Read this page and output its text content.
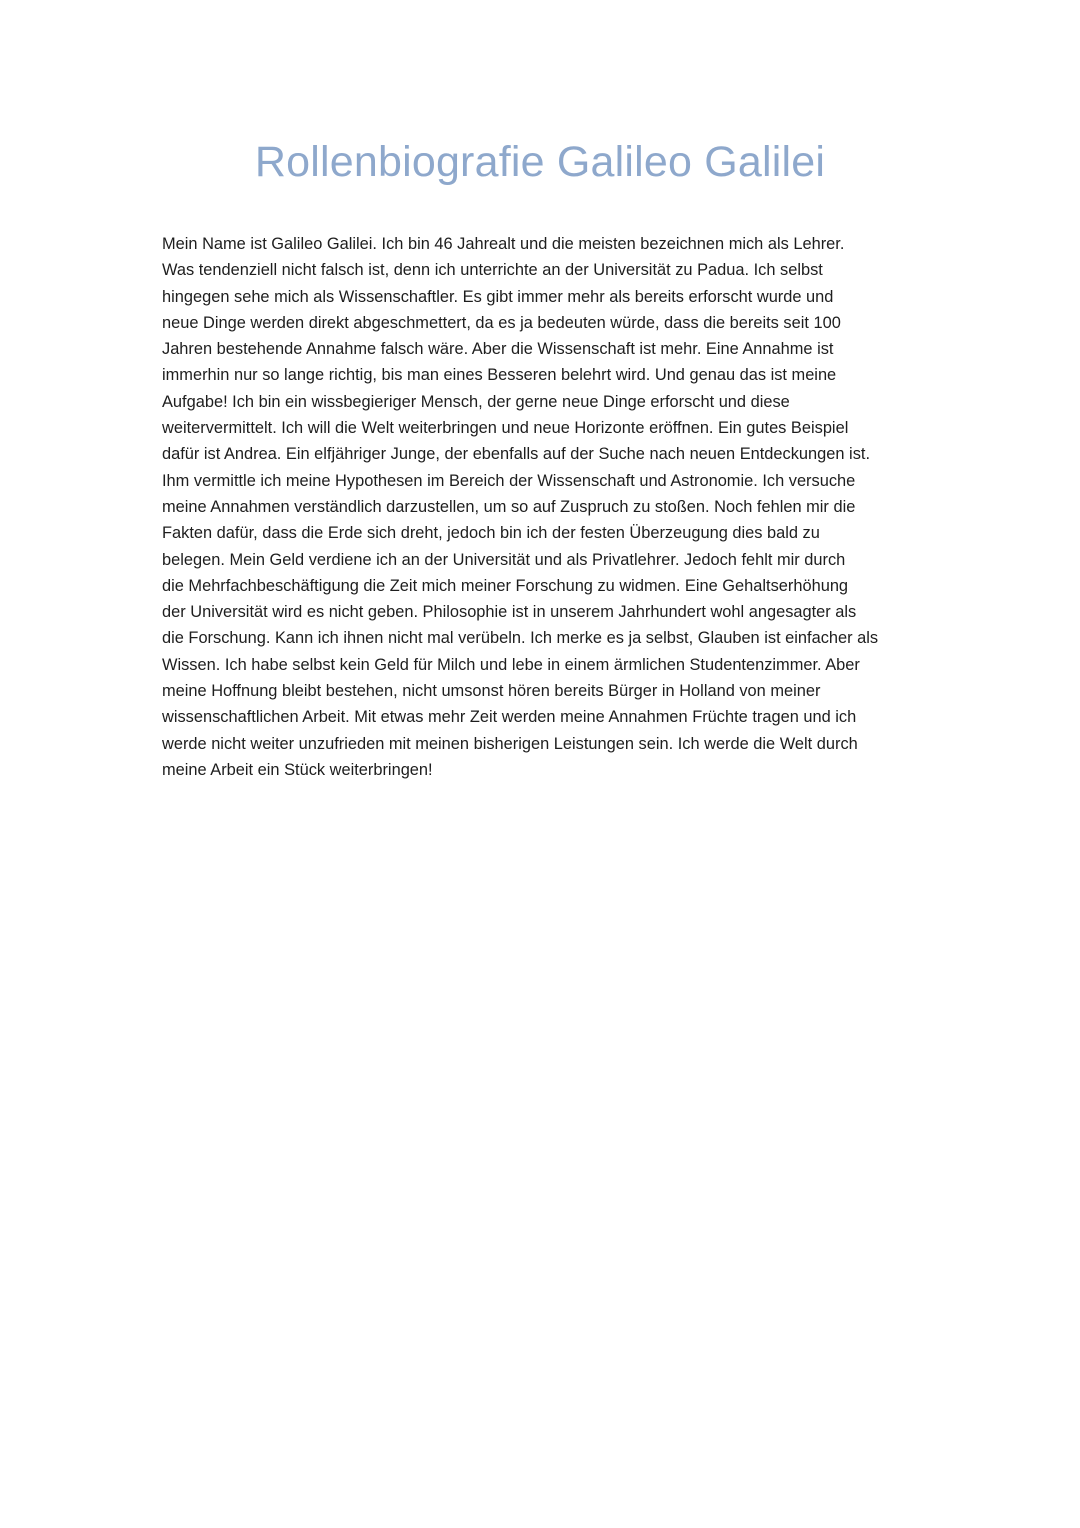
Rollenbiografie Galileo Galilei
Mein Name ist Galileo Galilei. Ich bin 46 Jahrealt und die meisten bezeichnen mich als Lehrer.
Was tendenziell nicht falsch ist, denn ich unterrichte an der Universität zu Padua. Ich selbst
hingegen sehe mich als Wissenschaftler. Es gibt immer mehr als bereits erforscht wurde und
neue Dinge werden direkt abgeschmettert, da es ja bedeuten würde, dass die bereits seit 100
Jahren bestehende Annahme falsch wäre. Aber die Wissenschaft ist mehr. Eine Annahme ist
immerhin nur so lange richtig, bis man eines Besseren belehrt wird. Und genau das ist meine
Aufgabe! Ich bin ein wissbegieriger Mensch, der gerne neue Dinge erforscht und diese
weitervermittelt. Ich will die Welt weiterbringen und neue Horizonte eröffnen. Ein gutes Beispiel
dafür ist Andrea. Ein elfjähriger Junge, der ebenfalls auf der Suche nach neuen Entdeckungen ist.
Ihm vermittle ich meine Hypothesen im Bereich der Wissenschaft und Astronomie. Ich versuche
meine Annahmen verständlich darzustellen, um so auf Zuspruch zu stoßen. Noch fehlen mir die
Fakten dafür, dass die Erde sich dreht, jedoch bin ich der festen Überzeugung dies bald zu
belegen. Mein Geld verdiene ich an der Universität und als Privatlehrer. Jedoch fehlt mir durch
die Mehrfachbeschäftigung die Zeit mich meiner Forschung zu widmen. Eine Gehaltserhöhung
der Universität wird es nicht geben. Philosophie ist in unserem Jahrhundert wohl angesagter als
die Forschung. Kann ich ihnen nicht mal verübeln. Ich merke es ja selbst, Glauben ist einfacher als
Wissen. Ich habe selbst kein Geld für Milch und lebe in einem ärmlichen Studentenzimmer. Aber
meine Hoffnung bleibt bestehen, nicht umsonst hören bereits Bürger in Holland von meiner
wissenschaftlichen Arbeit. Mit etwas mehr Zeit werden meine Annahmen Früchte tragen und ich
werde nicht weiter unzufrieden mit meinen bisherigen Leistungen sein. Ich werde die Welt durch
meine Arbeit ein Stück weiterbringen!
